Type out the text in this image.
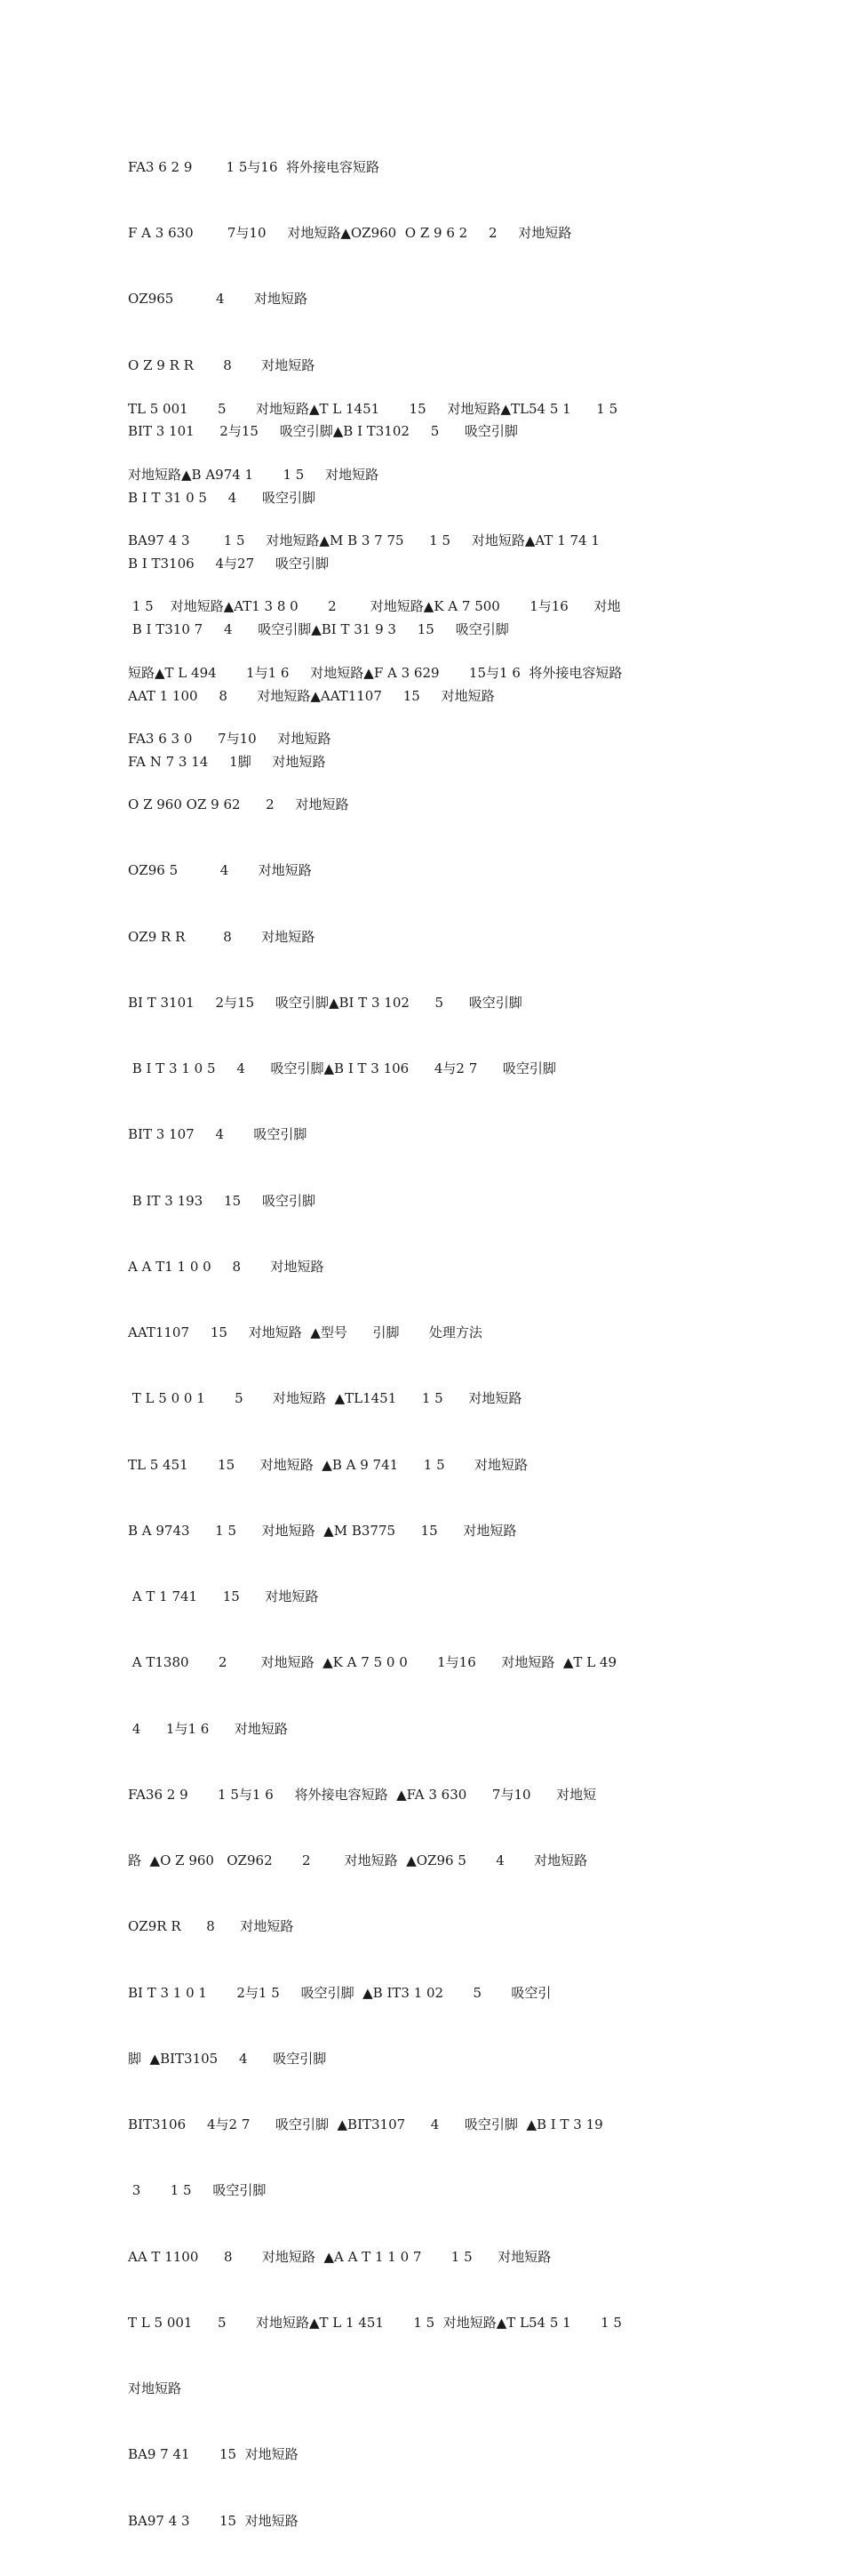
FA3 6 2 9        1 5与16  将外接电容短路

F A 3 630        7与10     对地短路▲OZ960  O Z 9 6 2     2     对地短路

OZ965          4       对地短路

O Z 9 R R       8       对地短路

BIT 3 101      2与15     吸空引脚▲B I T3102     5      吸空引脚

B I T 31 0 5     4      吸空引脚

B I T3106     4与27     吸空引脚

B I T310 7     4      吸空引脚▲BI T 31 9 3     15     吸空引脚

AAT 1 100     8       对地短路▲AAT1107     15     对地短路

FA N 7 3 14     1脚     对地短路

TL 5 001       5       对地短路▲T L 1451       15     对地短路▲TL54 5 1      1 5

对地短路▲B A974 1       1 5     对地短路

BA97 4 3        1 5     对地短路▲M B 3 7 75      1 5     对地短路▲AT 1 74 1

1 5    对地短路▲AT1 3 8 0       2        对地短路▲K A 7 500       1与16      对地

短路▲T L 494       1与1 6     对地短路▲F A 3 629       15与1 6  将外接电容短路

FA3 6 3 0      7与10     对地短路

O Z 960 OZ 9 62      2     对地短路

OZ96 5          4       对地短路

OZ9 R R         8       对地短路

BI T 3101     2与15     吸空引脚▲BI T 3 102      5      吸空引脚

B I T 3 1 0 5     4      吸空引脚▲B I T 3 106      4与2 7      吸空引脚

BIT 3 107     4       吸空引脚

B IT 3 193     15     吸空引脚

A A T1 1 0 0     8       对地短路

AAT1107     15     对地短路  ▲型号      引脚       处理方法

T L 5 0 0 1       5       对地短路  ▲TL1451      1 5      对地短路

TL 5 451       15      对地短路  ▲B A 9 741      1 5       对地短路

B A 9743      1 5      对地短路  ▲M B3775      15      对地短路

A T 1 741      15      对地短路

A T1380       2        对地短路  ▲K A 7 5 0 0       1与16      对地短路  ▲T L 49

4      1与1 6      对地短路

FA36 2 9       1 5与1 6     将外接电容短路  ▲FA 3 630      7与10      对地短

路  ▲O Z 960   OZ962       2        对地短路  ▲OZ96 5       4       对地短路

OZ9R R      8      对地短路

BI T 3 1 0 1       2与1 5     吸空引脚  ▲B IT3 1 02       5       吸空引

脚  ▲BIT3105     4      吸空引脚

BIT3106     4与2 7      吸空引脚  ▲BIT3107      4      吸空引脚  ▲B I T 3 19

3       1 5     吸空引脚

AA T 1100      8       对地短路  ▲A A T 1 1 0 7       1 5      对地短路

T L 5 001      5       对地短路▲T L 1 451       1 5  对地短路▲T L54 5 1       1 5

对地短路

BA9 7 41       15  对地短路

BA97 4 3       15  对地短路
